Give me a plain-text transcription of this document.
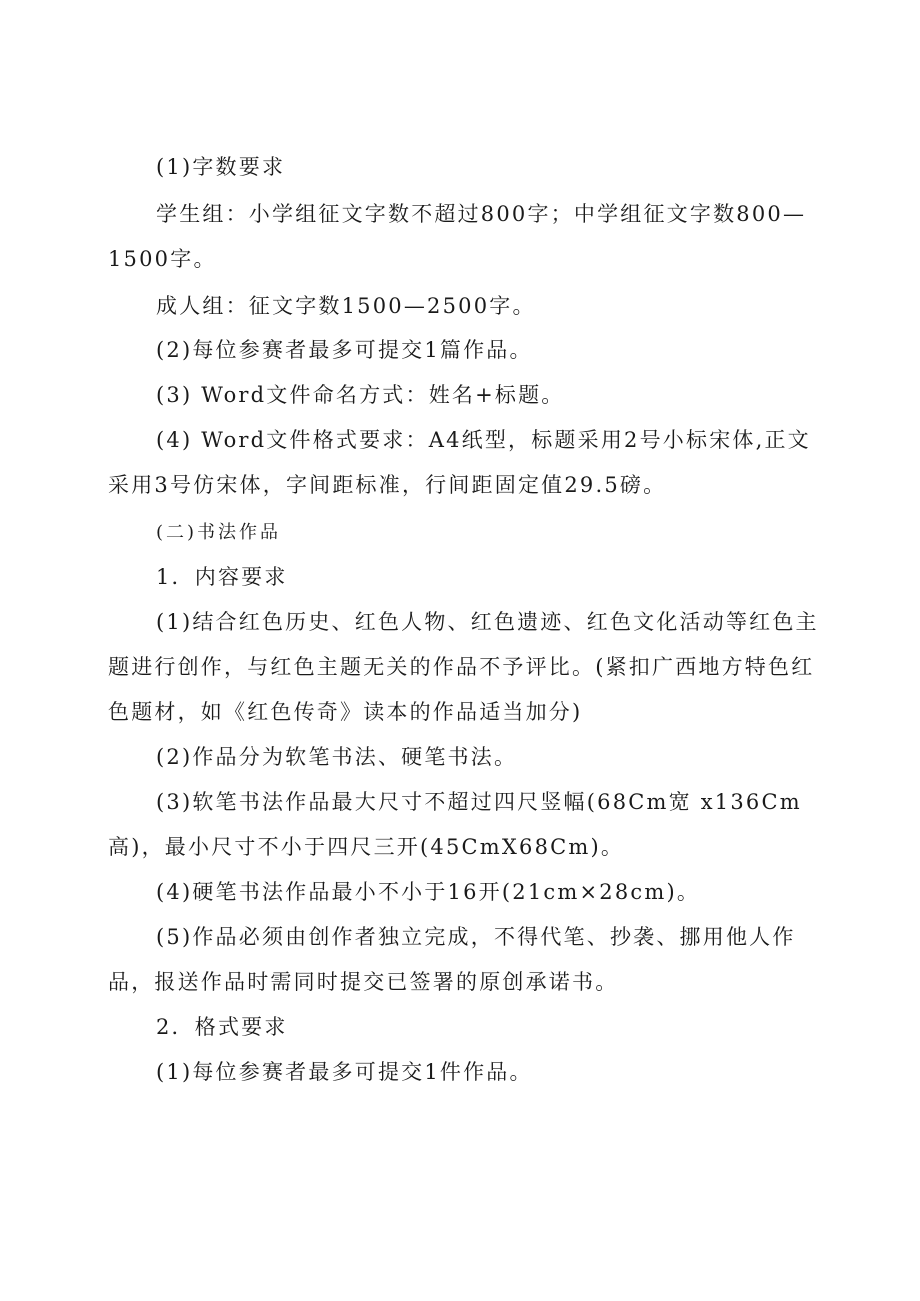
(1)字数要求

学生组：小学组征文字数不超过800字；中学组征文字数800—1500字。

成人组：征文字数1500—2500字。

(2)每位参赛者最多可提交1篇作品。

(3) Word文件命名方式：姓名+标题。

(4) Word文件格式要求：A4纸型，标题采用2号小标宋体,正文采用3号仿宋体，字间距标准，行间距固定值29.5磅。

(二)书法作品

1．内容要求

(1)结合红色历史、红色人物、红色遗迹、红色文化活动等红色主题进行创作，与红色主题无关的作品不予评比。(紧扣广西地方特色红色题材，如《红色传奇》读本的作品适当加分)

(2)作品分为软笔书法、硬笔书法。

(3)软笔书法作品最大尺寸不超过四尺竖幅(68Cm宽 x136Cm高)，最小尺寸不小于四尺三开(45CmX68Cm)。

(4)硬笔书法作品最小不小于16开(21cm×28cm)。

(5)作品必须由创作者独立完成，不得代笔、抄袭、挪用他人作品，报送作品时需同时提交已签署的原创承诺书。

2．格式要求

(1)每位参赛者最多可提交1件作品。
